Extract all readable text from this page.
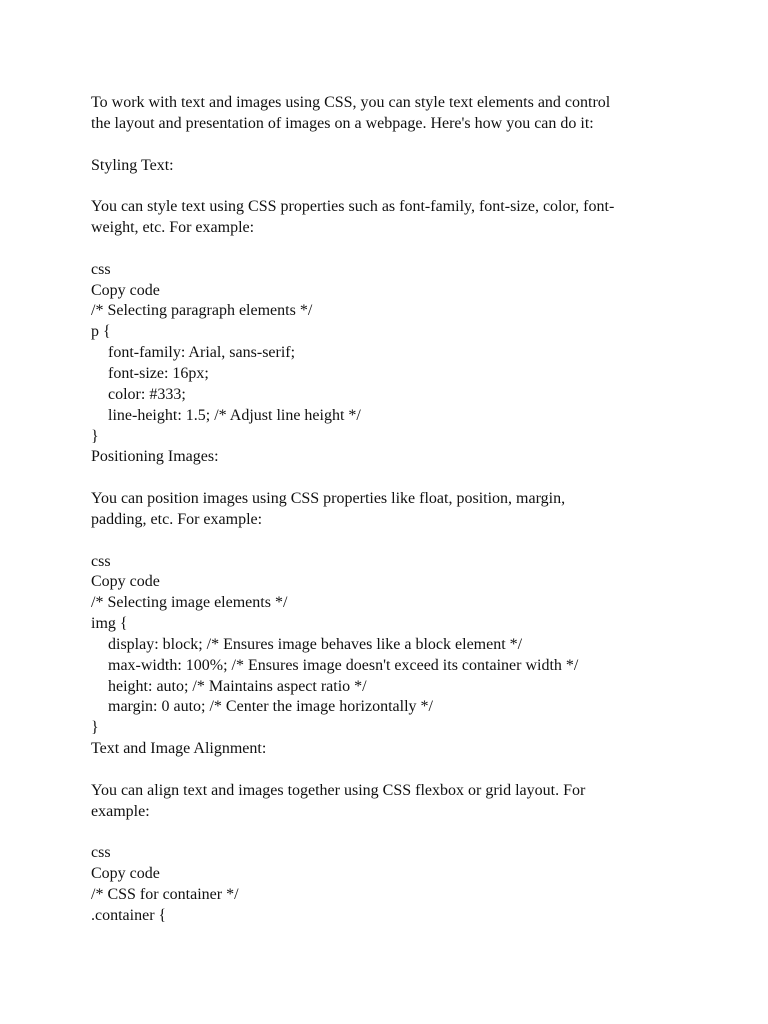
To work with text and images using CSS, you can style text elements and control
the layout and presentation of images on a webpage. Here's how you can do it:
Styling Text:
You can style text using CSS properties such as font-family, font-size, color, font-
weight, etc. For example:
css
Copy code
/* Selecting paragraph elements */
p {
font-family: Arial, sans-serif;
font-size: 16px;
color: #333;
line-height: 1.5; /* Adjust line height */
}
Positioning Images:
You can position images using CSS properties like float, position, margin,
padding, etc. For example:
css
Copy code
/* Selecting image elements */
img {
display: block; /* Ensures image behaves like a block element */
max-width: 100%; /* Ensures image doesn't exceed its container width */
height: auto; /* Maintains aspect ratio */
margin: 0 auto; /* Center the image horizontally */
}
Text and Image Alignment:
You can align text and images together using CSS flexbox or grid layout. For
example:
css
Copy code
/* CSS for container */
.container {
